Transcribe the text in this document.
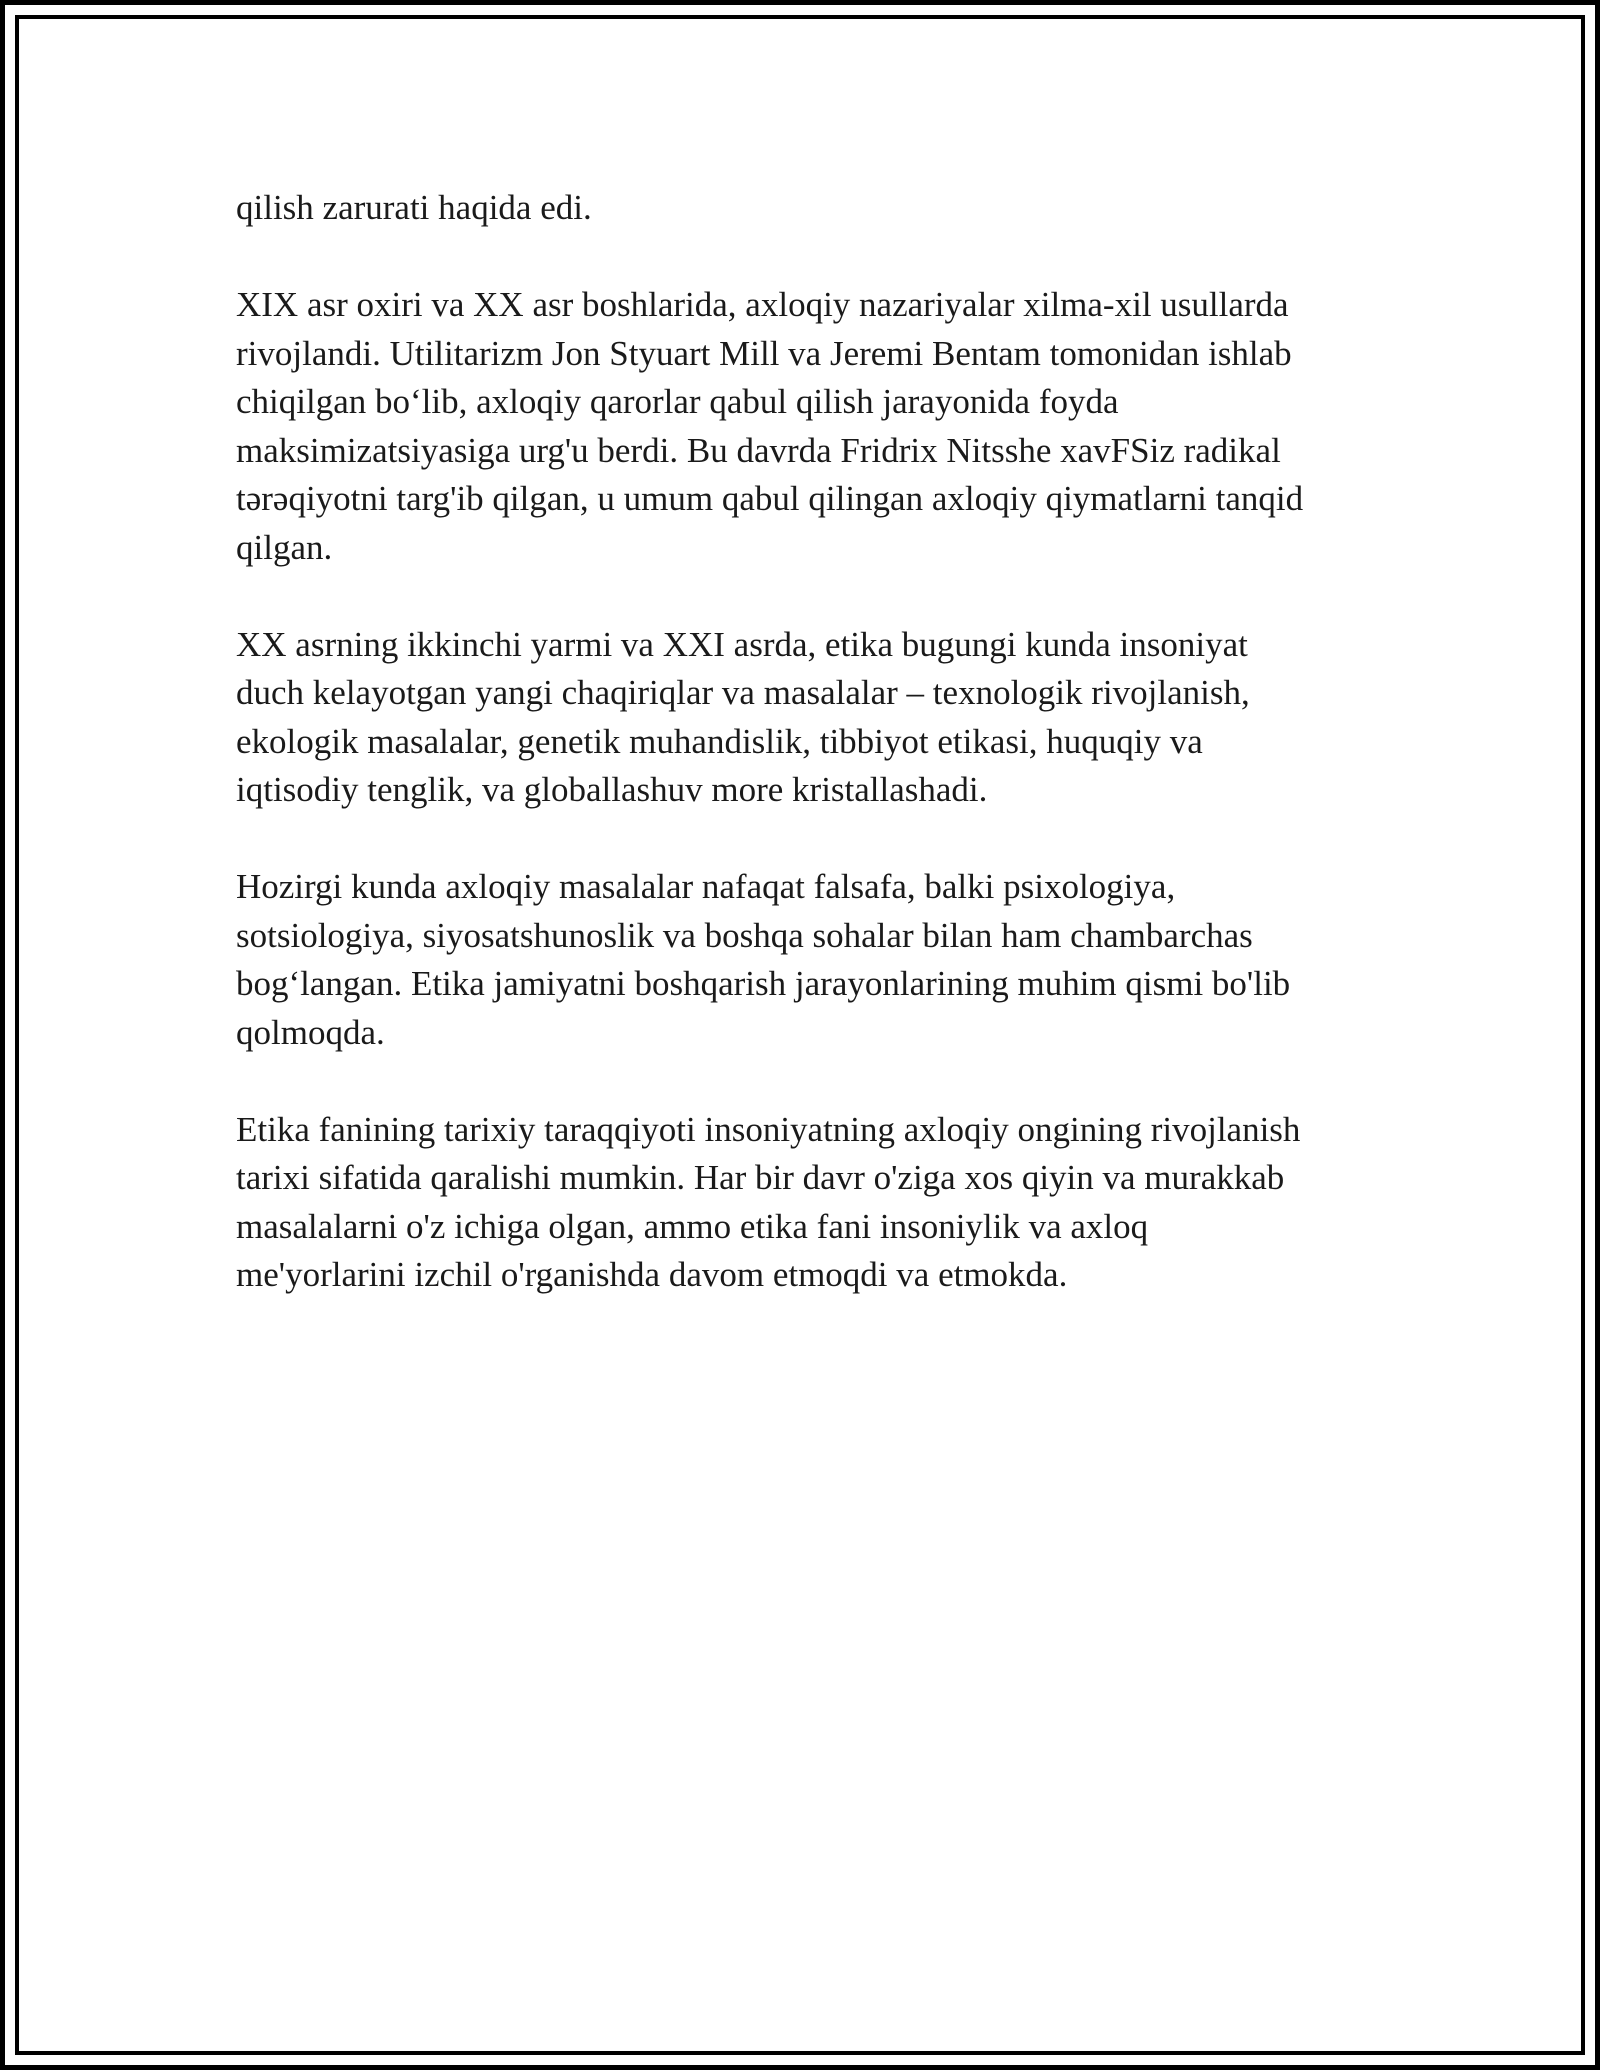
qilish zarurati haqida edi.

XIX asr oxiri va XX asr boshlarida, axloqiy nazariyalar xilma-xil usullarda
rivojlandi. Utilitarizm Jon Styuart Mill va Jeremi Bentam tomonidan ishlab
chiqilgan bo‘lib, axloqiy qarorlar qabul qilish jarayonida foyda
maksimizatsiyasiga urg'u berdi. Bu davrda Fridrix Nitsshe xavFSiz radikal
tərəqiyotni targ'ib qilgan, u umum qabul qilingan axloqiy qiymatlarni tanqid
qilgan.

XX asrning ikkinchi yarmi va XXI asrda, etika bugungi kunda insoniyat
duch kelayotgan yangi chaqiriqlar va masalalar – texnologik rivojlanish,
ekologik masalalar, genetik muhandislik, tibbiyot etikasi, huquqiy va
iqtisodiy tenglik, va globallashuv more kristallashadi.

Hozirgi kunda axloqiy masalalar nafaqat falsafa, balki psixologiya,
sotsiologiya, siyosatshunoslik va boshqa sohalar bilan ham chambarchas
bog‘langan. Etika jamiyatni boshqarish jarayonlarining muhim qismi bo'lib
qolmoqda.

Etika fanining tarixiy taraqqiyoti insoniyatning axloqiy ongining rivojlanish
tarixi sifatida qaralishi mumkin. Har bir davr o'ziga xos qiyin va murakkab
masalalarni o'z ichiga olgan, ammo etika fani insoniylik va axloq
me'yorlarini izchil o'rganishda davom etmoqdi va etmokda.
